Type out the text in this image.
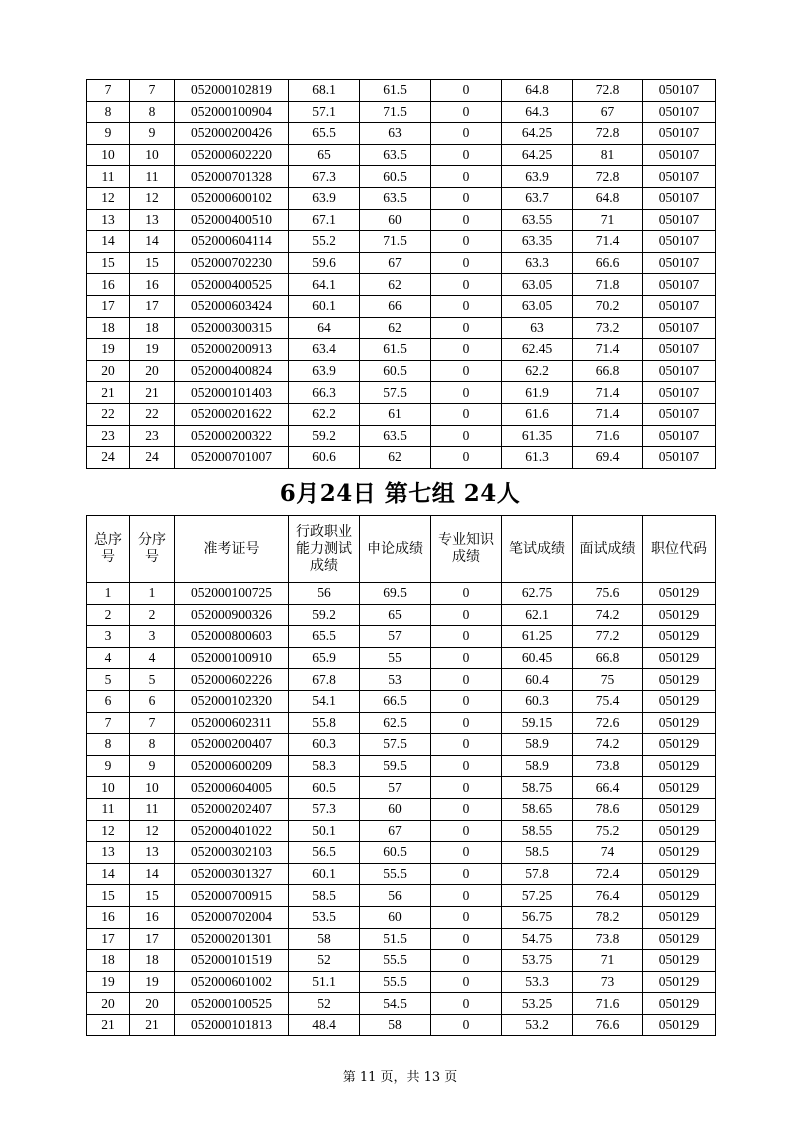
7	7	052000102819	68.1	61.5	0	64.8	72.8	050107
8	8	052000100904	57.1	71.5	0	64.3	67	050107
9	9	052000200426	65.5	63	0	64.25	72.8	050107
10	10	052000602220	65	63.5	0	64.25	81	050107
11	11	052000701328	67.3	60.5	0	63.9	72.8	050107
12	12	052000600102	63.9	63.5	0	63.7	64.8	050107
13	13	052000400510	67.1	60	0	63.55	71	050107
14	14	052000604114	55.2	71.5	0	63.35	71.4	050107
15	15	052000702230	59.6	67	0	63.3	66.6	050107
16	16	052000400525	64.1	62	0	63.05	71.8	050107
17	17	052000603424	60.1	66	0	63.05	70.2	050107
18	18	052000300315	64	62	0	63	73.2	050107
19	19	052000200913	63.4	61.5	0	62.45	71.4	050107
20	20	052000400824	63.9	60.5	0	62.2	66.8	050107
21	21	052000101403	66.3	57.5	0	61.9	71.4	050107
22	22	052000201622	62.2	61	0	61.6	71.4	050107
23	23	052000200322	59.2	63.5	0	61.35	71.6	050107
24	24	052000701007	60.6	62	0	61.3	69.4	050107
6月24日 第七组 24人
总序号	分序号	准考证号	行政职业能力测试成绩	申论成绩	专业知识成绩	笔试成绩	面试成绩	职位代码
1	1	052000100725	56	69.5	0	62.75	75.6	050129
2	2	052000900326	59.2	65	0	62.1	74.2	050129
3	3	052000800603	65.5	57	0	61.25	77.2	050129
4	4	052000100910	65.9	55	0	60.45	66.8	050129
5	5	052000602226	67.8	53	0	60.4	75	050129
6	6	052000102320	54.1	66.5	0	60.3	75.4	050129
7	7	052000602311	55.8	62.5	0	59.15	72.6	050129
8	8	052000200407	60.3	57.5	0	58.9	74.2	050129
9	9	052000600209	58.3	59.5	0	58.9	73.8	050129
10	10	052000604005	60.5	57	0	58.75	66.4	050129
11	11	052000202407	57.3	60	0	58.65	78.6	050129
12	12	052000401022	50.1	67	0	58.55	75.2	050129
13	13	052000302103	56.5	60.5	0	58.5	74	050129
14	14	052000301327	60.1	55.5	0	57.8	72.4	050129
15	15	052000700915	58.5	56	0	57.25	76.4	050129
16	16	052000702004	53.5	60	0	56.75	78.2	050129
17	17	052000201301	58	51.5	0	54.75	73.8	050129
18	18	052000101519	52	55.5	0	53.75	71	050129
19	19	052000601002	51.1	55.5	0	53.3	73	050129
20	20	052000100525	52	54.5	0	53.25	71.6	050129
21	21	052000101813	48.4	58	0	53.2	76.6	050129
第 11 页，共 13 页
